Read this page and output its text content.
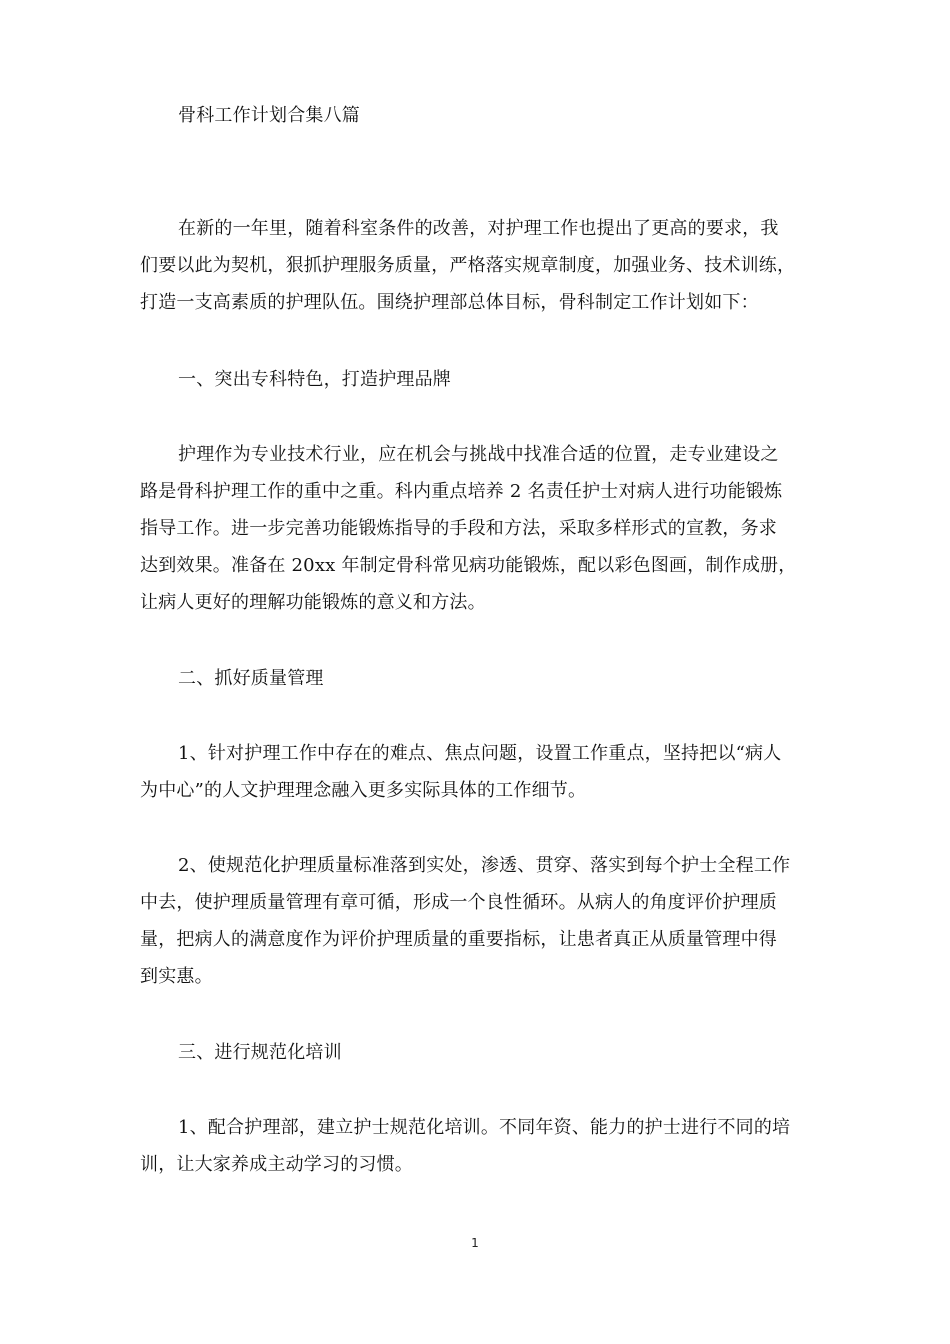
骨科工作计划合集八篇
在新的一年里，随着科室条件的改善，对护理工作也提出了更高的要求，我
们要以此为契机，狠抓护理服务质量，严格落实规章制度，加强业务、技术训练，
打造一支高素质的护理队伍。围绕护理部总体目标，骨科制定工作计划如下：
一、突出专科特色，打造护理品牌
护理作为专业技术行业，应在机会与挑战中找准合适的位置，走专业建设之
路是骨科护理工作的重中之重。科内重点培养 2 名责任护士对病人进行功能锻炼
指导工作。进一步完善功能锻炼指导的手段和方法，采取多样形式的宣教，务求
达到效果。准备在 20xx 年制定骨科常见病功能锻炼，配以彩色图画，制作成册，
让病人更好的理解功能锻炼的意义和方法。
二、抓好质量管理
1、针对护理工作中存在的难点、焦点问题，设置工作重点，坚持把以“病人
为中心”的人文护理理念融入更多实际具体的工作细节。
2、使规范化护理质量标准落到实处，渗透、贯穿、落实到每个护士全程工作
中去，使护理质量管理有章可循，形成一个良性循环。从病人的角度评价护理质
量，把病人的满意度作为评价护理质量的重要指标，让患者真正从质量管理中得
到实惠。
三、进行规范化培训
1、配合护理部，建立护士规范化培训。不同年资、能力的护士进行不同的培
训，让大家养成主动学习的习惯。
1
